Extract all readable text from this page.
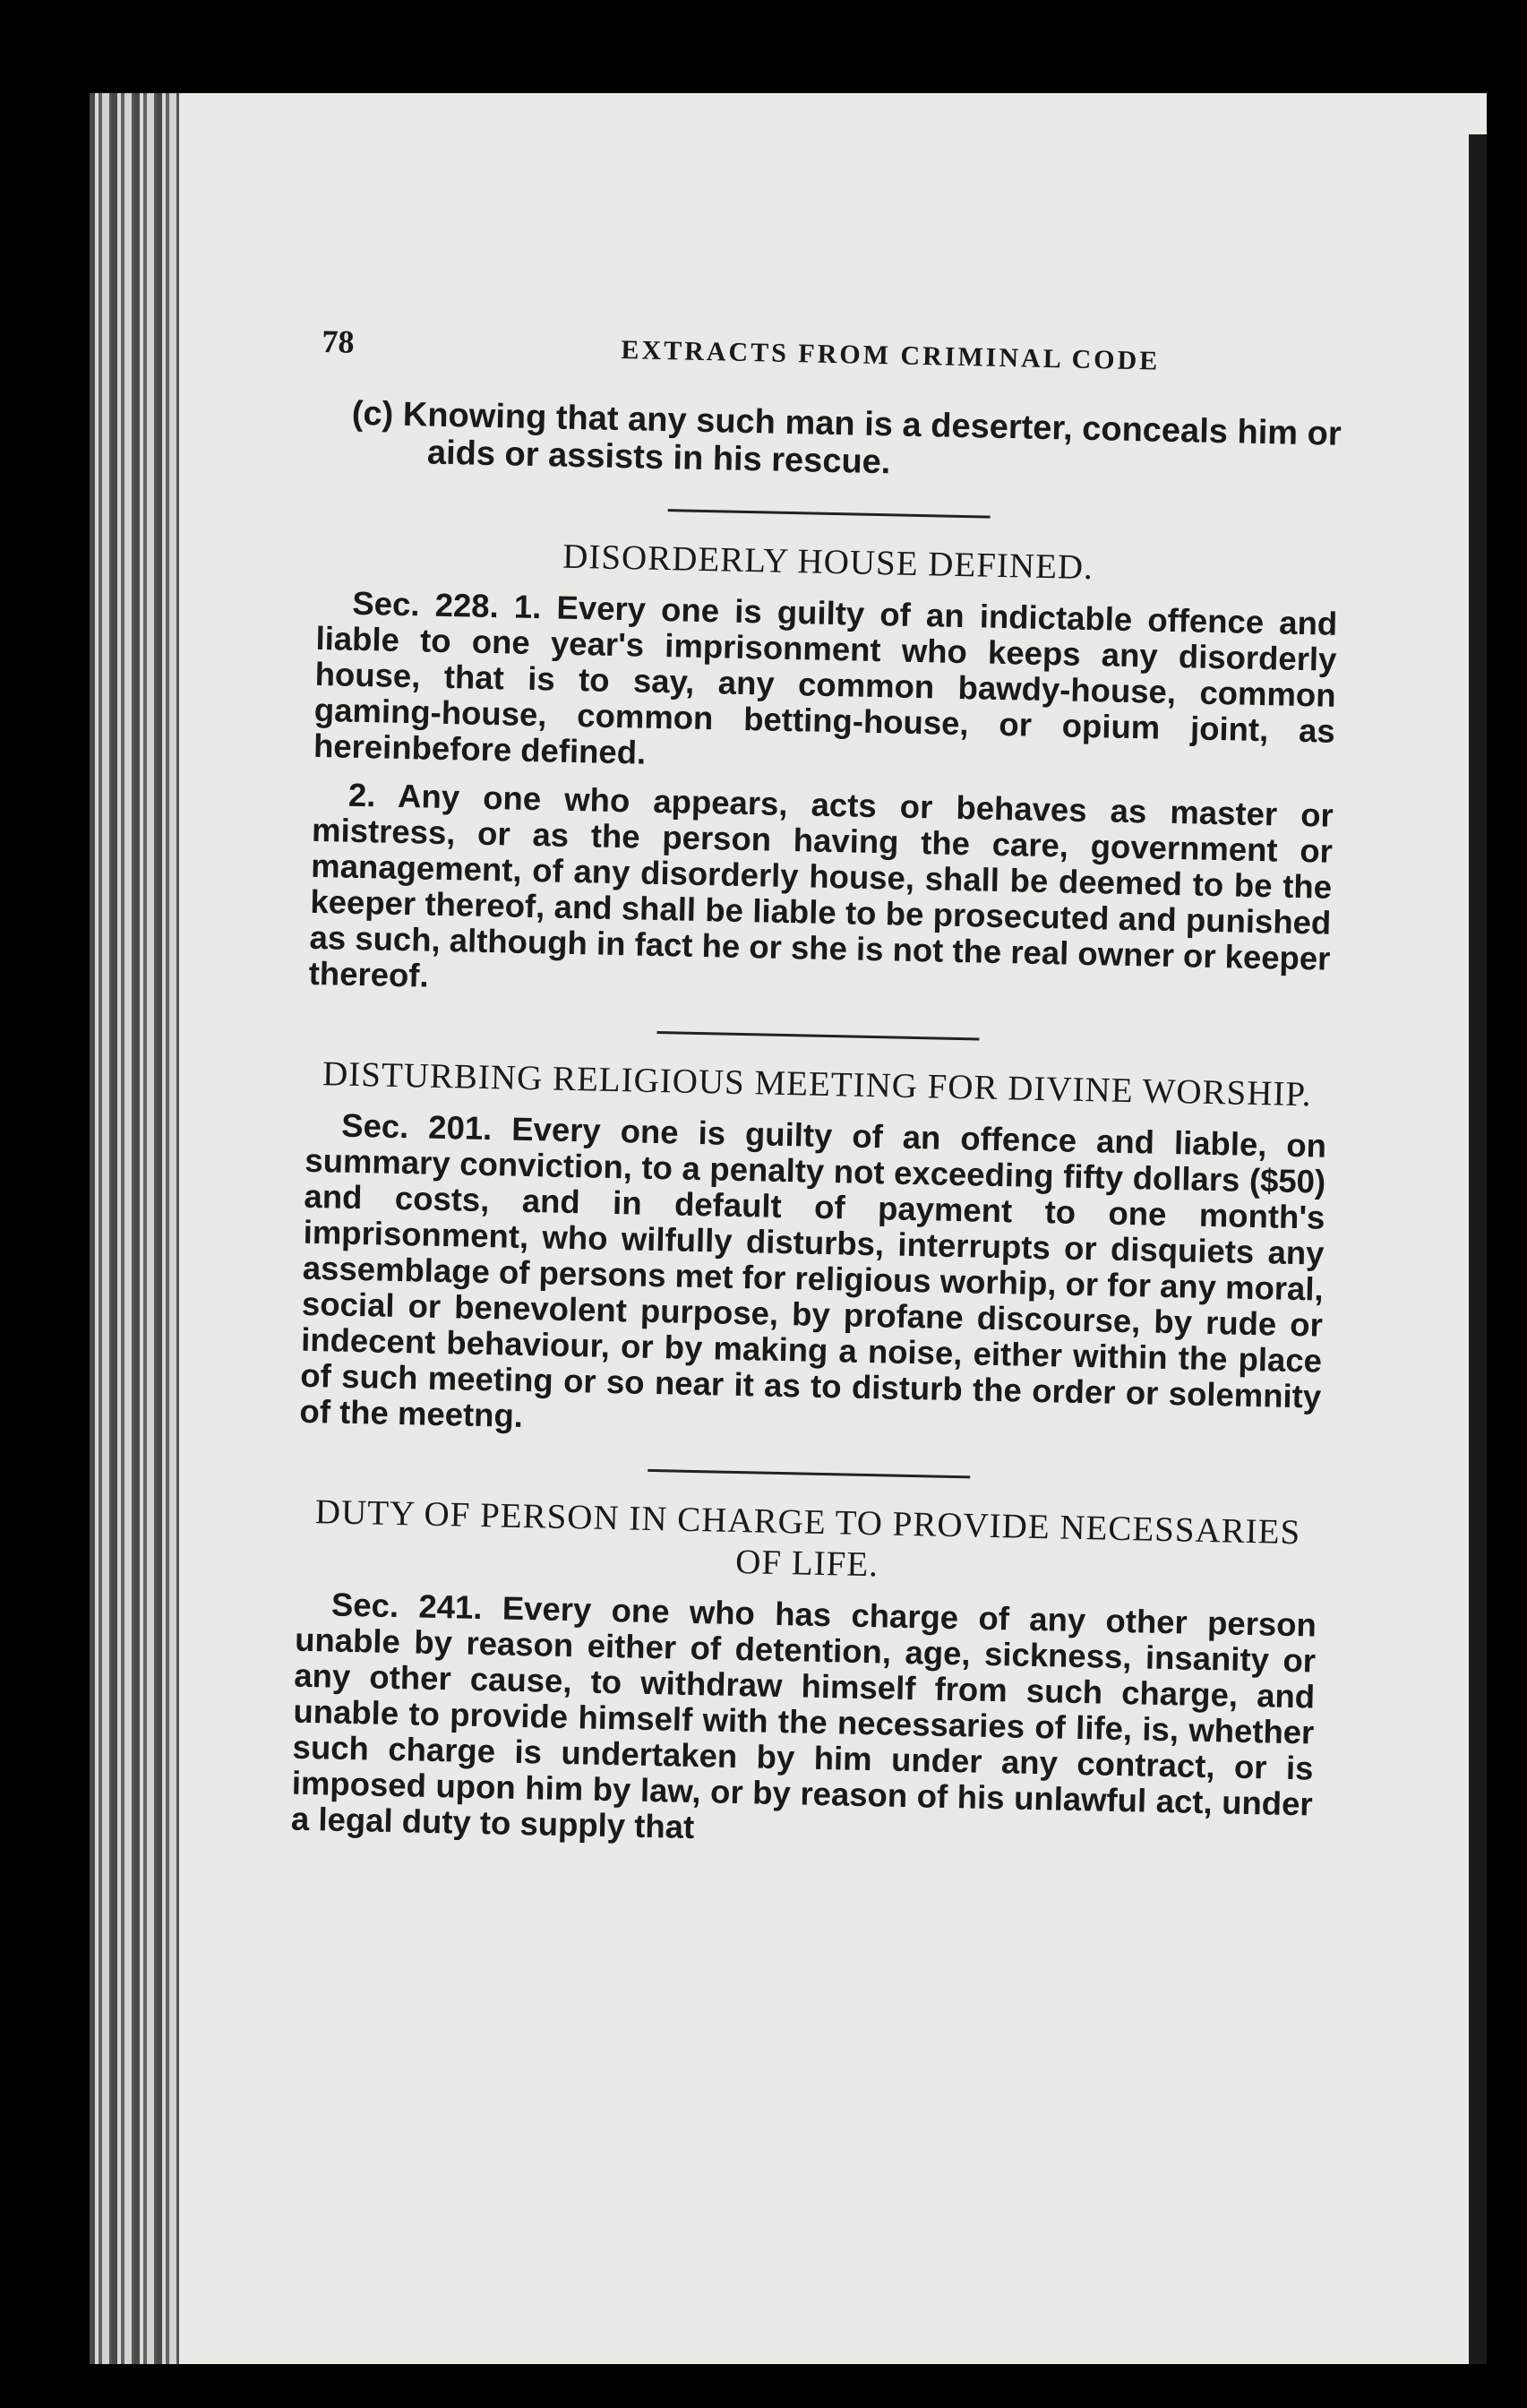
78	EXTRACTS FROM CRIMINAL CODE

(c) Knowing that any such man is a deserter, conceals him or aids or assists in his rescue.

DISORDERLY HOUSE DEFINED.

Sec. 228. 1. Every one is guilty of an indictable offence and liable to one year's imprisonment who keeps any disorderly house, that is to say, any common bawdy-house, common gaming-house, common betting-house, or opium joint, as hereinbefore defined.

2. Any one who appears, acts or behaves as master or mistress, or as the person having the care, government or management, of any disorderly house, shall be deemed to be the keeper thereof, and shall be liable to be prosecuted and punished as such, although in fact he or she is not the real owner or keeper thereof.

DISTURBING RELIGIOUS MEETING FOR DIVINE WORSHIP.

Sec. 201. Every one is guilty of an offence and liable, on summary conviction, to a penalty not exceeding fifty dollars ($50) and costs, and in default of payment to one month's imprisonment, who wilfully disturbs, interrupts or disquiets any assemblage of persons met for religious worhip, or for any moral, social or benevolent purpose, by profane discourse, by rude or indecent behaviour, or by making a noise, either within the place of such meeting or so near it as to disturb the order or solemnity of the meetng.

DUTY OF PERSON IN CHARGE TO PROVIDE NECESSARIES OF LIFE.

Sec. 241. Every one who has charge of any other person unable by reason either of detention, age, sickness, insanity or any other cause, to withdraw himself from such charge, and unable to provide himself with the necessaries of life, is, whether such charge is undertaken by him under any contract, or is imposed upon him by law, or by reason of his unlawful act, under a legal duty to supply that
